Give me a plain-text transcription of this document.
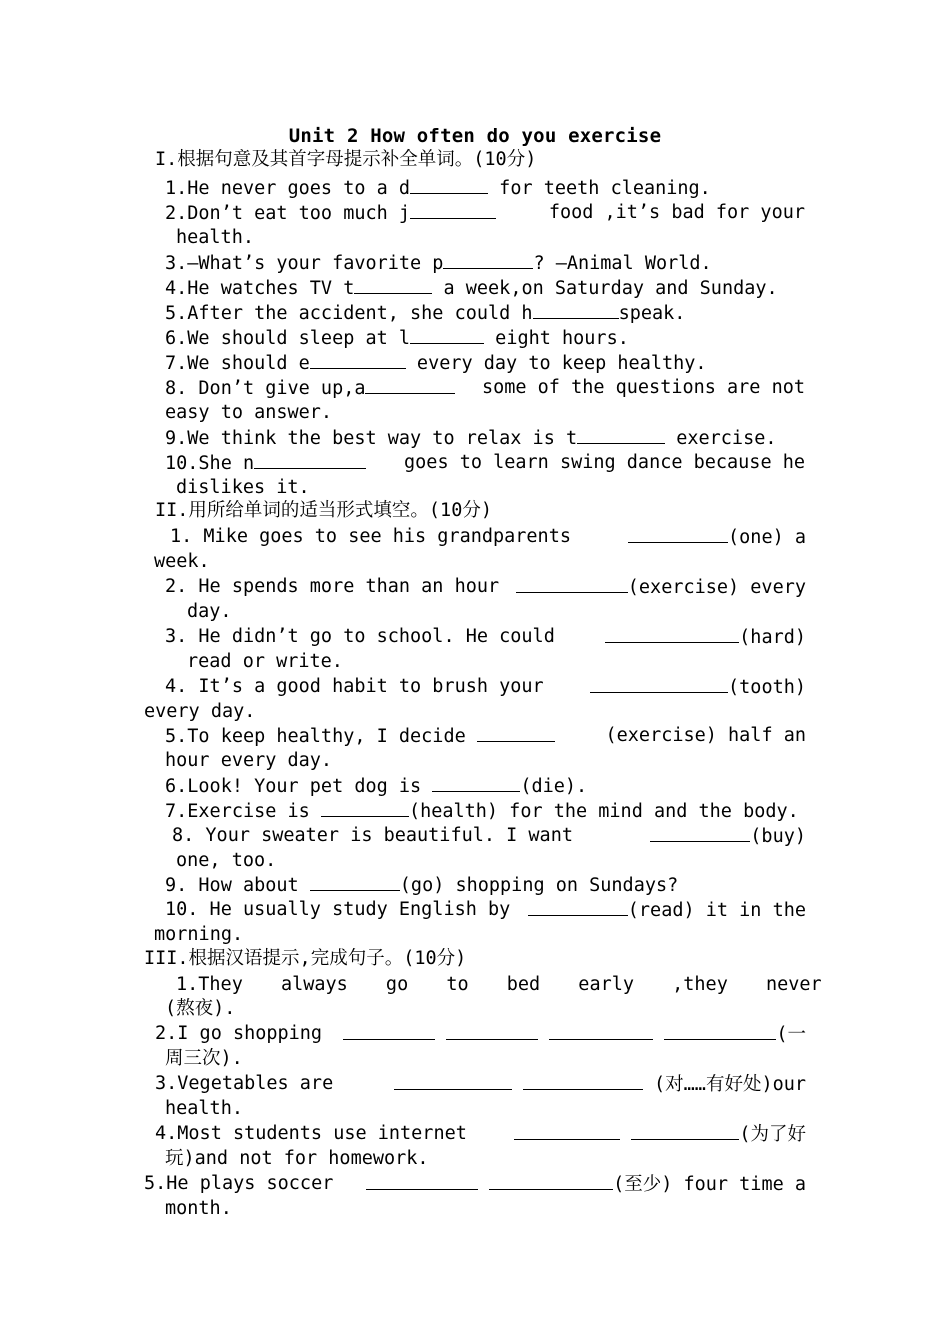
Unit 2 How often do you exercise
I.根据句意及其首字母提示补全单词。(10分)
1.He never goes to a d	for teeth cleaning.
2.Don’t eat too much j	food ,it’s bad for your
health.
3.—What’s your favorite p	? —Animal World.
4.He watches TV t	a week,on Saturday and Sunday.
5.After the accident, she could h	speak.
6.We should sleep at l	eight hours.
7.We should e	every day to keep healthy.
8. Don’t give up,a	some of the questions are not
easy to answer.
9.We think the best way to relax is t	exercise.
10.She n	goes to learn swing dance because he
dislikes it.
II.用所给单词的适当形式填空。(10分)
1. Mike goes to see his grandparents	(one) a
week.
2. He spends more than an hour	(exercise) every
day.
3. He didn’t go to school. He could	(hard)
read or write.
4. It’s a good habit to brush your	(tooth)
every day.
5.To keep healthy, I decide	(exercise) half an
hour every day.
6.Look! Your pet dog is	(die).
7.Exercise is	(health) for the mind and the body.
8. Your sweater is beautiful. I want	(buy)
one, too.
9. How about	(go) shopping on Sundays?
10. He usually study English by	(read) it in the
morning.
III.根据汉语提示,完成句子。(10分)
1.They always go to bed early ,they never
(熬夜).
2.I go shopping	(一
周三次).
3.Vegetables are	(对……有好处)our
health.
4.Most students use internet	(为了好
玩)and not for homework.
5.He plays soccer	(至少) four time a
month.
